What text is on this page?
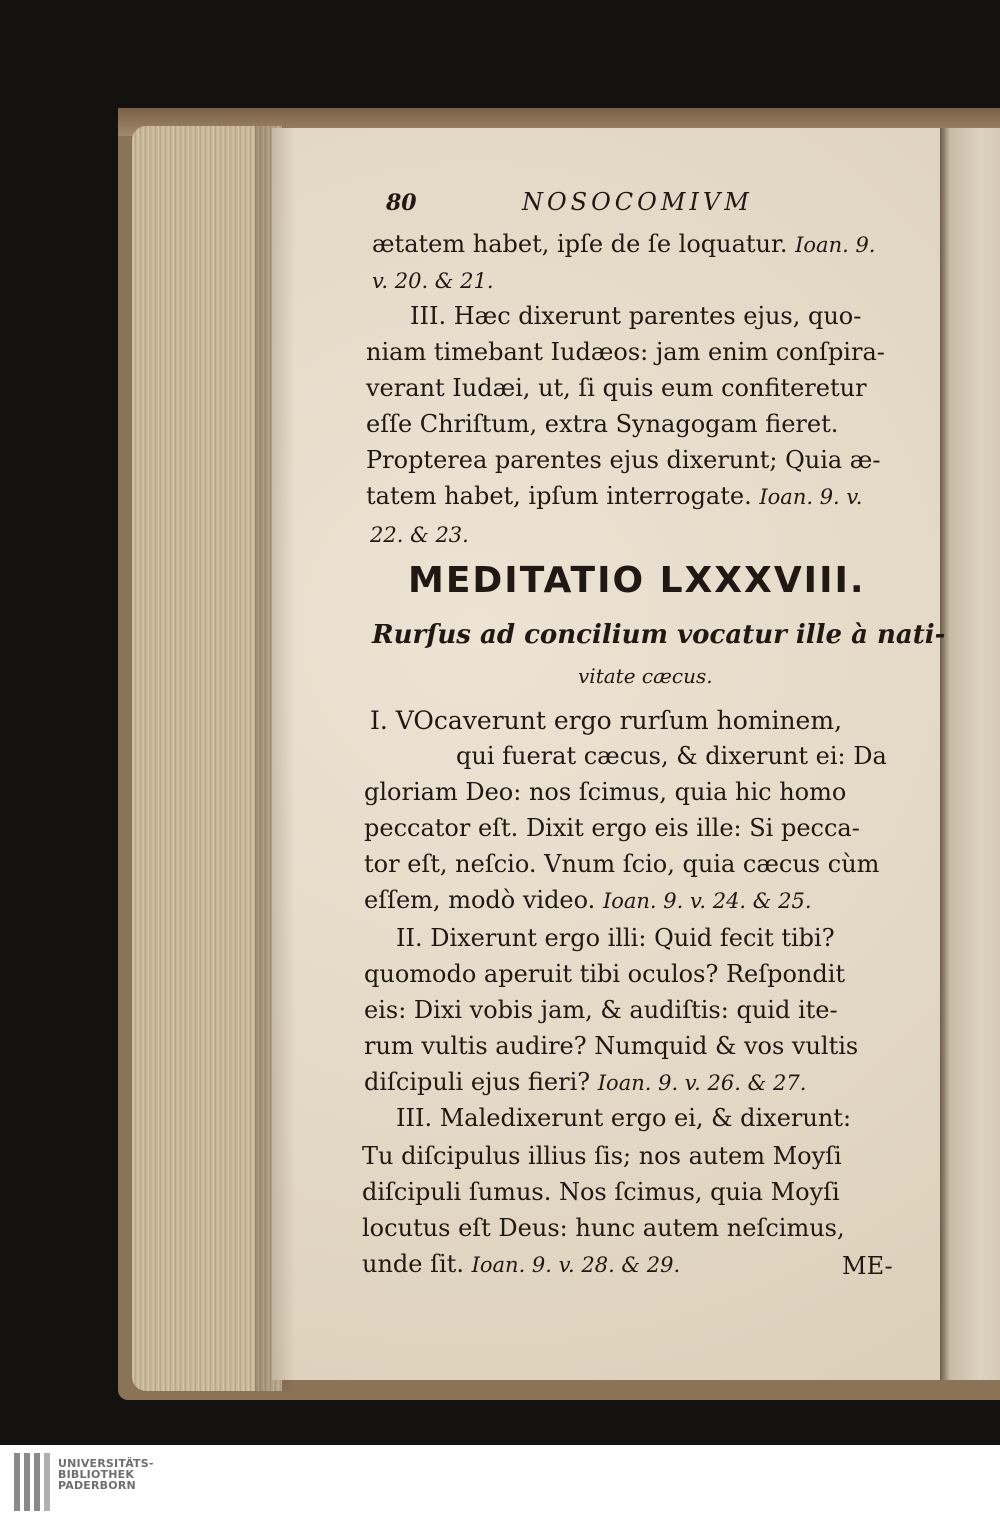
80	NOSOCOMIVM
ætatem habet, ipſe de ſe loquatur. Ioan. 9.
v. 20. & 21.
III. Hæc dixerunt parentes ejus, quo-
niam timebant Iudæos: jam enim conſpira-
verant Iudæi, ut, ſi quis eum confiteretur
eſſe Chriſtum, extra Synagogam fieret.
Propterea parentes ejus dixerunt; Quia æ-
tatem habet, ipſum interrogate. Ioan. 9. v.
22. & 23.
MEDITATIO LXXXVIII.
Rurſus ad concilium vocatur ille à nati-
vitate cæcus.
I. VOcaverunt ergo rurſum hominem,
qui fuerat cæcus, & dixerunt ei: Da
gloriam Deo: nos ſcimus, quia hic homo
peccator eſt. Dixit ergo eis ille: Si pecca-
tor eſt, neſcio. Vnum ſcio, quia cæcus cùm
eſſem, modò video. Ioan. 9. v. 24. & 25.
II. Dixerunt ergo illi: Quid fecit tibi?
quomodo aperuit tibi oculos? Reſpondit
eis: Dixi vobis jam, & audiſtis: quid ite-
rum vultis audire? Numquid & vos vultis
diſcipuli ejus fieri? Ioan. 9. v. 26. & 27.
III. Maledixerunt ergo ei, & dixerunt:
Tu diſcipulus illius ſis; nos autem Moyſi
diſcipuli ſumus. Nos ſcimus, quia Moyſi
locutus eſt Deus: hunc autem neſcimus,
unde ſit. Ioan. 9. v. 28. & 29.	ME-
UNIVERSITÄTS-
BIBLIOTHEK
PADERBORN
